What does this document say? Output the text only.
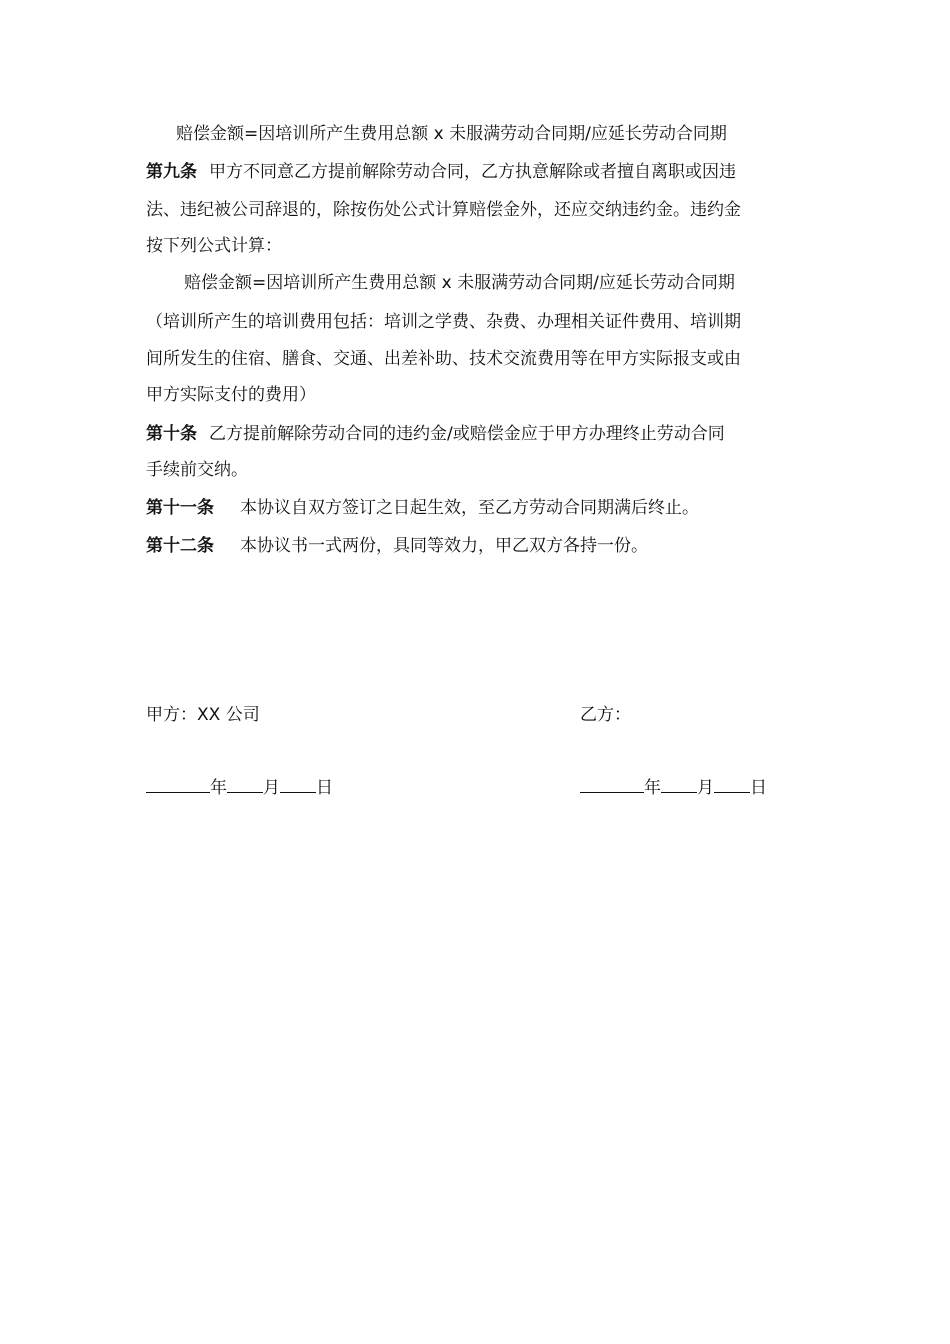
赔偿金额=因培训所产生费用总额 x 未服满劳动合同期/应延长劳动合同期
第九条 甲方不同意乙方提前解除劳动合同，乙方执意解除或者擅自离职或因违
法、违纪被公司辞退的，除按伤处公式计算赔偿金外，还应交纳违约金。违约金
按下列公式计算：
赔偿金额=因培训所产生费用总额 x 未服满劳动合同期/应延长劳动合同期
（培训所产生的培训费用包括：培训之学费、杂费、办理相关证件费用、培训期
间所发生的住宿、膳食、交通、出差补助、技术交流费用等在甲方实际报支或由
甲方实际支付的费用）
第十条 乙方提前解除劳动合同的违约金/或赔偿金应于甲方办理终止劳动合同
手续前交纳。
第十一条 本协议自双方签订之日起生效，至乙方劳动合同期满后终止。
第十二条 本协议书一式两份，具同等效力，甲乙双方各持一份。
甲方：XX 公司	乙方：
年 月 日	年 月 日
